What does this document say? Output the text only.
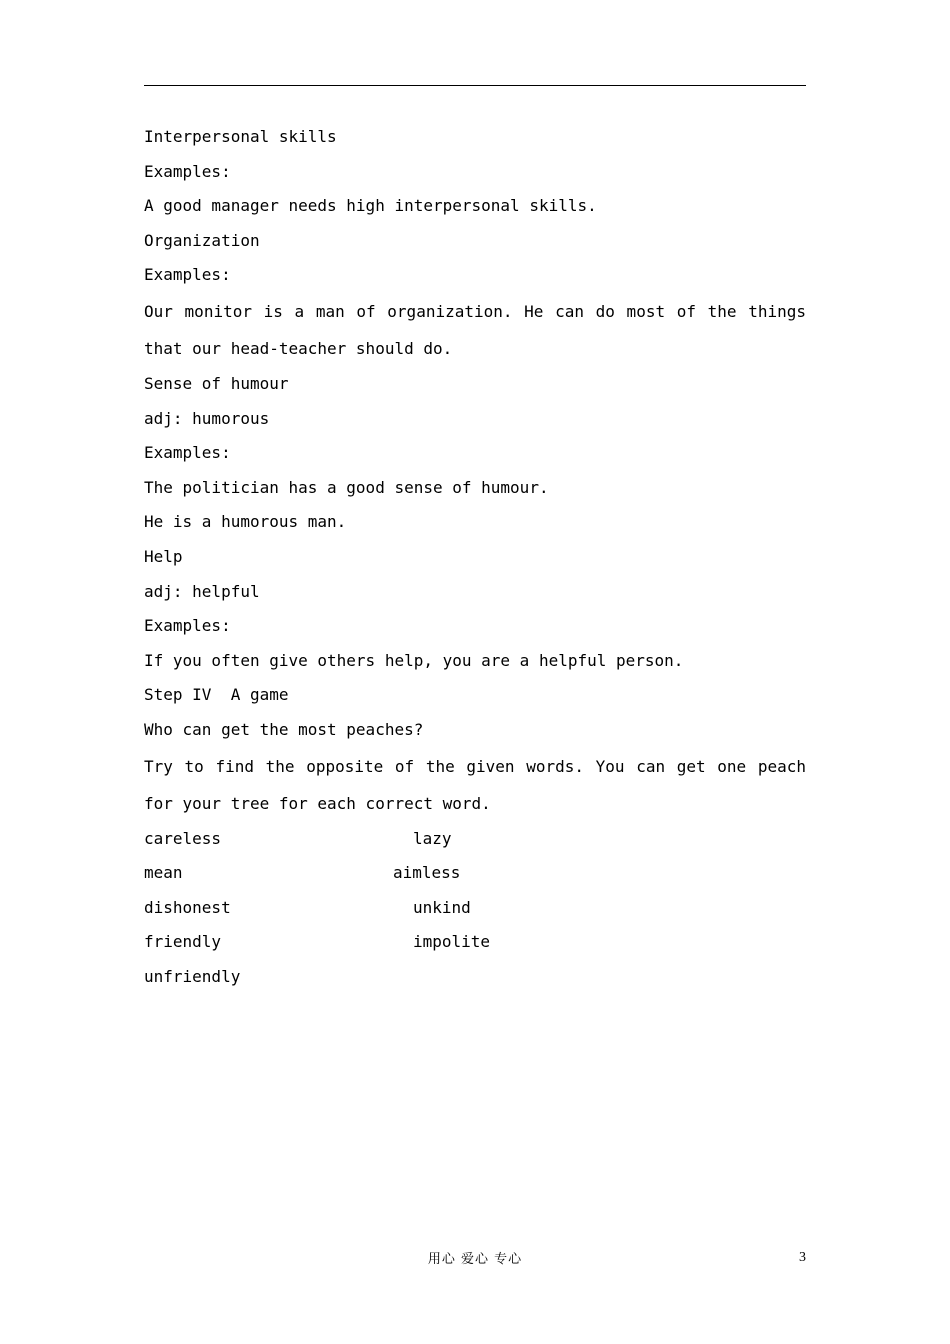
Interpersonal skills
Examples:
A good manager needs high interpersonal skills.
Organization
Examples:

Our monitor is a man of organization. He can do most of the things that our head-teacher should do.

Sense of humour
adj: humorous
Examples:
The politician has a good sense of humour.
He is a humorous man.
Help
adj: helpful
Examples:
If you often give others help, you are a helpful person.
Step IV  A game
Who can get the most peaches?

Try to find the opposite of the given words. You can get one peach for your tree for each correct word.

careless	lazy
mean	aimless
dishonest	unkind
friendly	impolite
unfriendly
用心 爱心 专心	3
